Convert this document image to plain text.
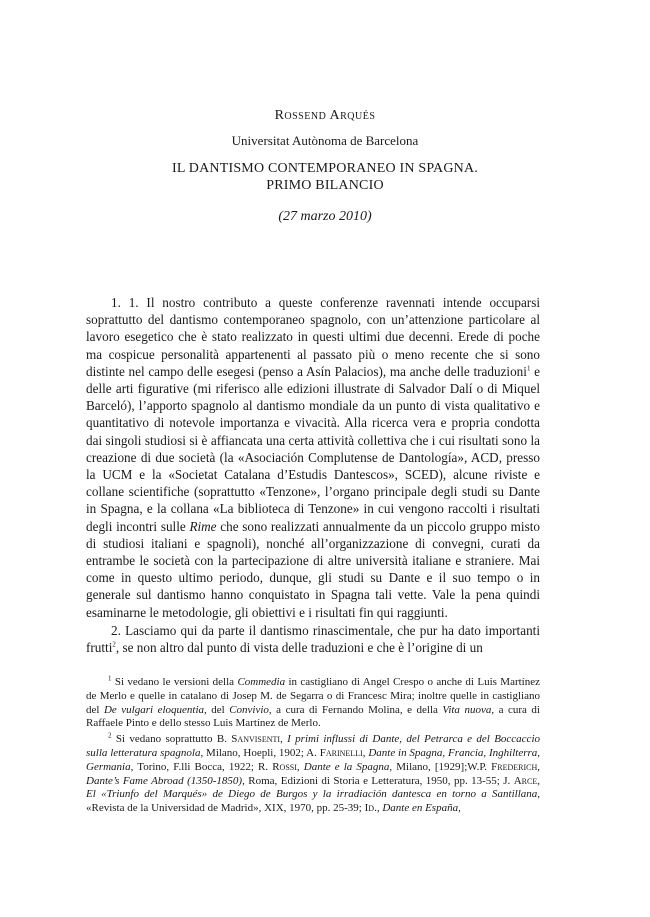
Rossend Arqués
Universitat Autònoma de Barcelona
IL DANTISMO CONTEMPORANEO IN SPAGNA.
PRIMO BILANCIO
(27 marzo 2010)

1. 1. Il nostro contributo a queste conferenze ravennati intende occuparsi soprattutto del dantismo contemporaneo spagnolo, con un’attenzione particolare al lavoro esegetico che è stato realizzato in questi ultimi due decenni. Erede di poche ma cospicue personalità appartenenti al passato più o meno recente che si sono distinte nel campo delle esegesi (penso a Asín Palacios), ma anche delle traduzioni$^1$ e delle arti figurative (mi riferisco alle edizioni illustrate di Salvador Dalí o di Miquel Barceló), l’apporto spagnolo al dantismo mondiale da un punto di vista qualitativo e quantitativo di notevole importanza e vivacità. Alla ricerca vera e propria condotta dai singoli studiosi si è affiancata una certa attività collettiva che i cui risultati sono la creazione di due società (la «Asociación Complutense de Dantología», ACD, presso la UCM e la «Societat Catalana d’Estudis Dantescos», SCED), alcune riviste e collane scientifiche (soprattutto «Tenzone», l’organo principale degli studi su Dante in Spagna, e la collana «La biblioteca di Tenzone» in cui vengono raccolti i risultati degli incontri sulle Rime che sono realizzati annualmente da un piccolo gruppo misto di studiosi italiani e spagnoli), nonché all’organizzazione di convegni, curati da entrambe le società con la partecipazione di altre università italiane e straniere. Mai come in questo ultimo periodo, dunque, gli studi su Dante e il suo tempo o in generale sul dantismo hanno conquistato in Spagna tali vette. Vale la pena quindi esaminarne le metodologie, gli obiettivi e i risultati fin qui raggiunti.

2. Lasciamo qui da parte il dantismo rinascimentale, che pur ha dato importanti frutti$^2$, se non altro dal punto di vista delle traduzioni e che è l’origine di un

$^1$ Si vedano le versioni della Commedia in castigliano di Angel Crespo o anche di Luis Martínez de Merlo e quelle in catalano di Josep M. de Segarra o di Francesc Mira; inoltre quelle in castigliano del De vulgari eloquentia, del Convivio, a cura di Fernando Molina, e della Vita nuova, a cura di Raffaele Pinto e dello stesso Luis Martínez de Merlo.

$^2$ Si vedano soprattutto B. Sanvisenti, I primi influssi di Dante, del Petrarca e del Boccaccio sulla letteratura spagnola, Milano, Hoepli, 1902; A. Farinelli, Dante in Spagna, Francia, Inghilterra, Germania, Torino, F.lli Bocca, 1922; R. Rossi, Dante e la Spagna, Milano, [1929];W.P. Frederich, Dante’s Fame Abroad (1350-1850), Roma, Edizioni di Storia e Letteratura, 1950, pp. 13-55; J. Arce, El «Triunfo del Marqués» de Diego de Burgos y la irradiación dantesca en torno a Santillana, «Revista de la Universidad de Madrid», XIX, 1970, pp. 25-39; Id., Dante en España,
